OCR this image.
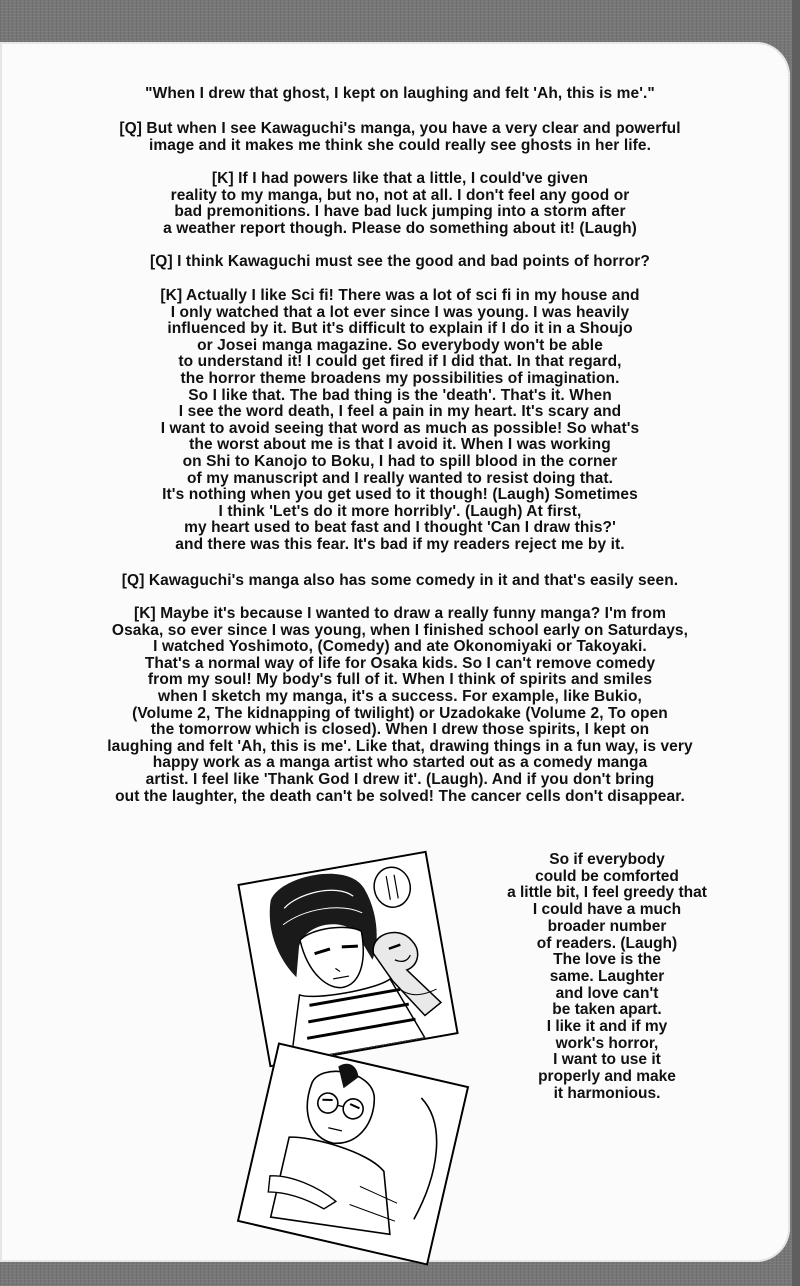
"When I drew that ghost, I kept on laughing and felt 'Ah, this is me'."

[Q] But when I see Kawaguchi's manga, you have a very clear and powerful
image and it makes me think she could really see ghosts in her life.

[K] If I had powers like that a little, I could've given
reality to my manga, but no, not at all. I don't feel any good or
bad premonitions. I have bad luck jumping into a storm after
a weather report though. Please do something about it! (Laugh)

[Q] I think Kawaguchi must see the good and bad points of horror?

[K] Actually I like Sci fi! There was a lot of sci fi in my house and
I only watched that a lot ever since I was young. I was heavily
influenced by it. But it's difficult to explain if I do it in a Shoujo
or Josei manga magazine. So everybody won't be able
to understand it! I could get fired if I did that. In that regard,
the horror theme broadens my possibilities of imagination.
So I like that. The bad thing is the 'death'. That's it. When
I see the word death, I feel a pain in my heart. It's scary and
I want to avoid seeing that word as much as possible! So what's
the worst about me is that I avoid it. When I was working
on Shi to Kanojo to Boku, I had to spill blood in the corner
of my manuscript and I really wanted to resist doing that.
It's nothing when you get used to it though! (Laugh) Sometimes
I think 'Let's do it more horribly'. (Laugh) At first,
my heart used to beat fast and I thought 'Can I draw this?'
and there was this fear. It's bad if my readers reject me by it.

[Q] Kawaguchi's manga also has some comedy in it and that's easily seen.

[K] Maybe it's because I wanted to draw a really funny manga? I'm from
Osaka, so ever since I was young, when I finished school early on Saturdays,
I watched Yoshimoto, (Comedy) and ate Okonomiyaki or Takoyaki.
That's a normal way of life for Osaka kids. So I can't remove comedy
from my soul! My body's full of it. When I think of spirits and smiles
when I sketch my manga, it's a success. For example, like Bukio,
(Volume 2, The kidnapping of twilight) or Uzadokake (Volume 2, To open
the tomorrow which is closed). When I drew those spirits, I kept on
laughing and felt 'Ah, this is me'. Like that, drawing things in a fun way, is very
happy work as a manga artist who started out as a comedy manga
artist. I feel like 'Thank God I drew it'. (Laugh). And if you don't bring
out the laughter, the death can't be solved! The cancer cells don't disappear.

So if everybody
could be comforted
a little bit, I feel greedy that
I could have a much
broader number
of readers. (Laugh)
The love is the
same. Laughter
and love can't
be taken apart.
I like it and if my
work's horror,
I want to use it
properly and make
it harmonious.
